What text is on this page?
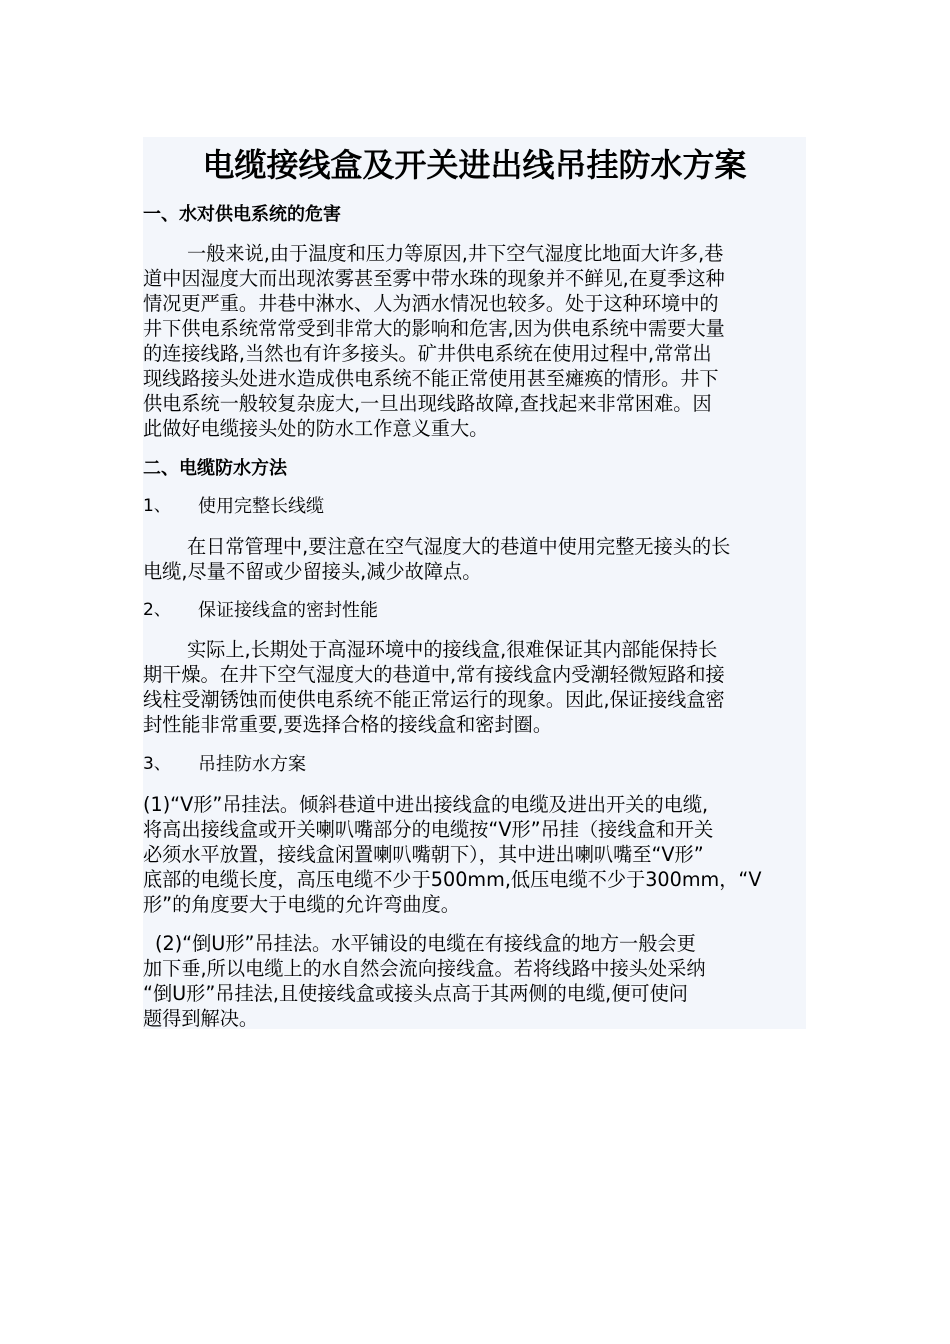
电缆接线盒及开关进出线吊挂防水方案
一、水对供电系统的危害
一般来说,由于温度和压力等原因,井下空气湿度比地面大许多,巷
道中因湿度大而出现浓雾甚至雾中带水珠的现象并不鲜见,在夏季这种
情况更严重。井巷中淋水、人为洒水情况也较多。处于这种环境中的
井下供电系统常常受到非常大的影响和危害,因为供电系统中需要大量
的连接线路,当然也有许多接头。矿井供电系统在使用过程中,常常出
现线路接头处进水造成供电系统不能正常使用甚至瘫痪的情形。井下
供电系统一般较复杂庞大,一旦出现线路故障,查找起来非常困难。因
此做好电缆接头处的防水工作意义重大。
二、电缆防水方法
1、 使用完整长线缆
在日常管理中,要注意在空气湿度大的巷道中使用完整无接头的长
电缆,尽量不留或少留接头,减少故障点。
2、 保证接线盒的密封性能
实际上,长期处于高湿环境中的接线盒,很难保证其内部能保持长
期干燥。在井下空气湿度大的巷道中,常有接线盒内受潮轻微短路和接
线柱受潮锈蚀而使供电系统不能正常运行的现象。因此,保证接线盒密
封性能非常重要,要选择合格的接线盒和密封圈。
3、 吊挂防水方案
(1)“V形”吊挂法。倾斜巷道中进出接线盒的电缆及进出开关的电缆,
将高出接线盒或开关喇叭嘴部分的电缆按“V形”吊挂（接线盒和开关
必须水平放置，接线盒闲置喇叭嘴朝下），其中进出喇叭嘴至“V形”
底部的电缆长度，高压电缆不少于500mm,低压电缆不少于300mm，“V
形”的角度要大于电缆的允许弯曲度。
(2)“倒U形”吊挂法。水平铺设的电缆在有接线盒的地方一般会更
加下垂,所以电缆上的水自然会流向接线盒。若将线路中接头处采纳
“倒U形”吊挂法,且使接线盒或接头点高于其两侧的电缆,便可使问
题得到解决。
